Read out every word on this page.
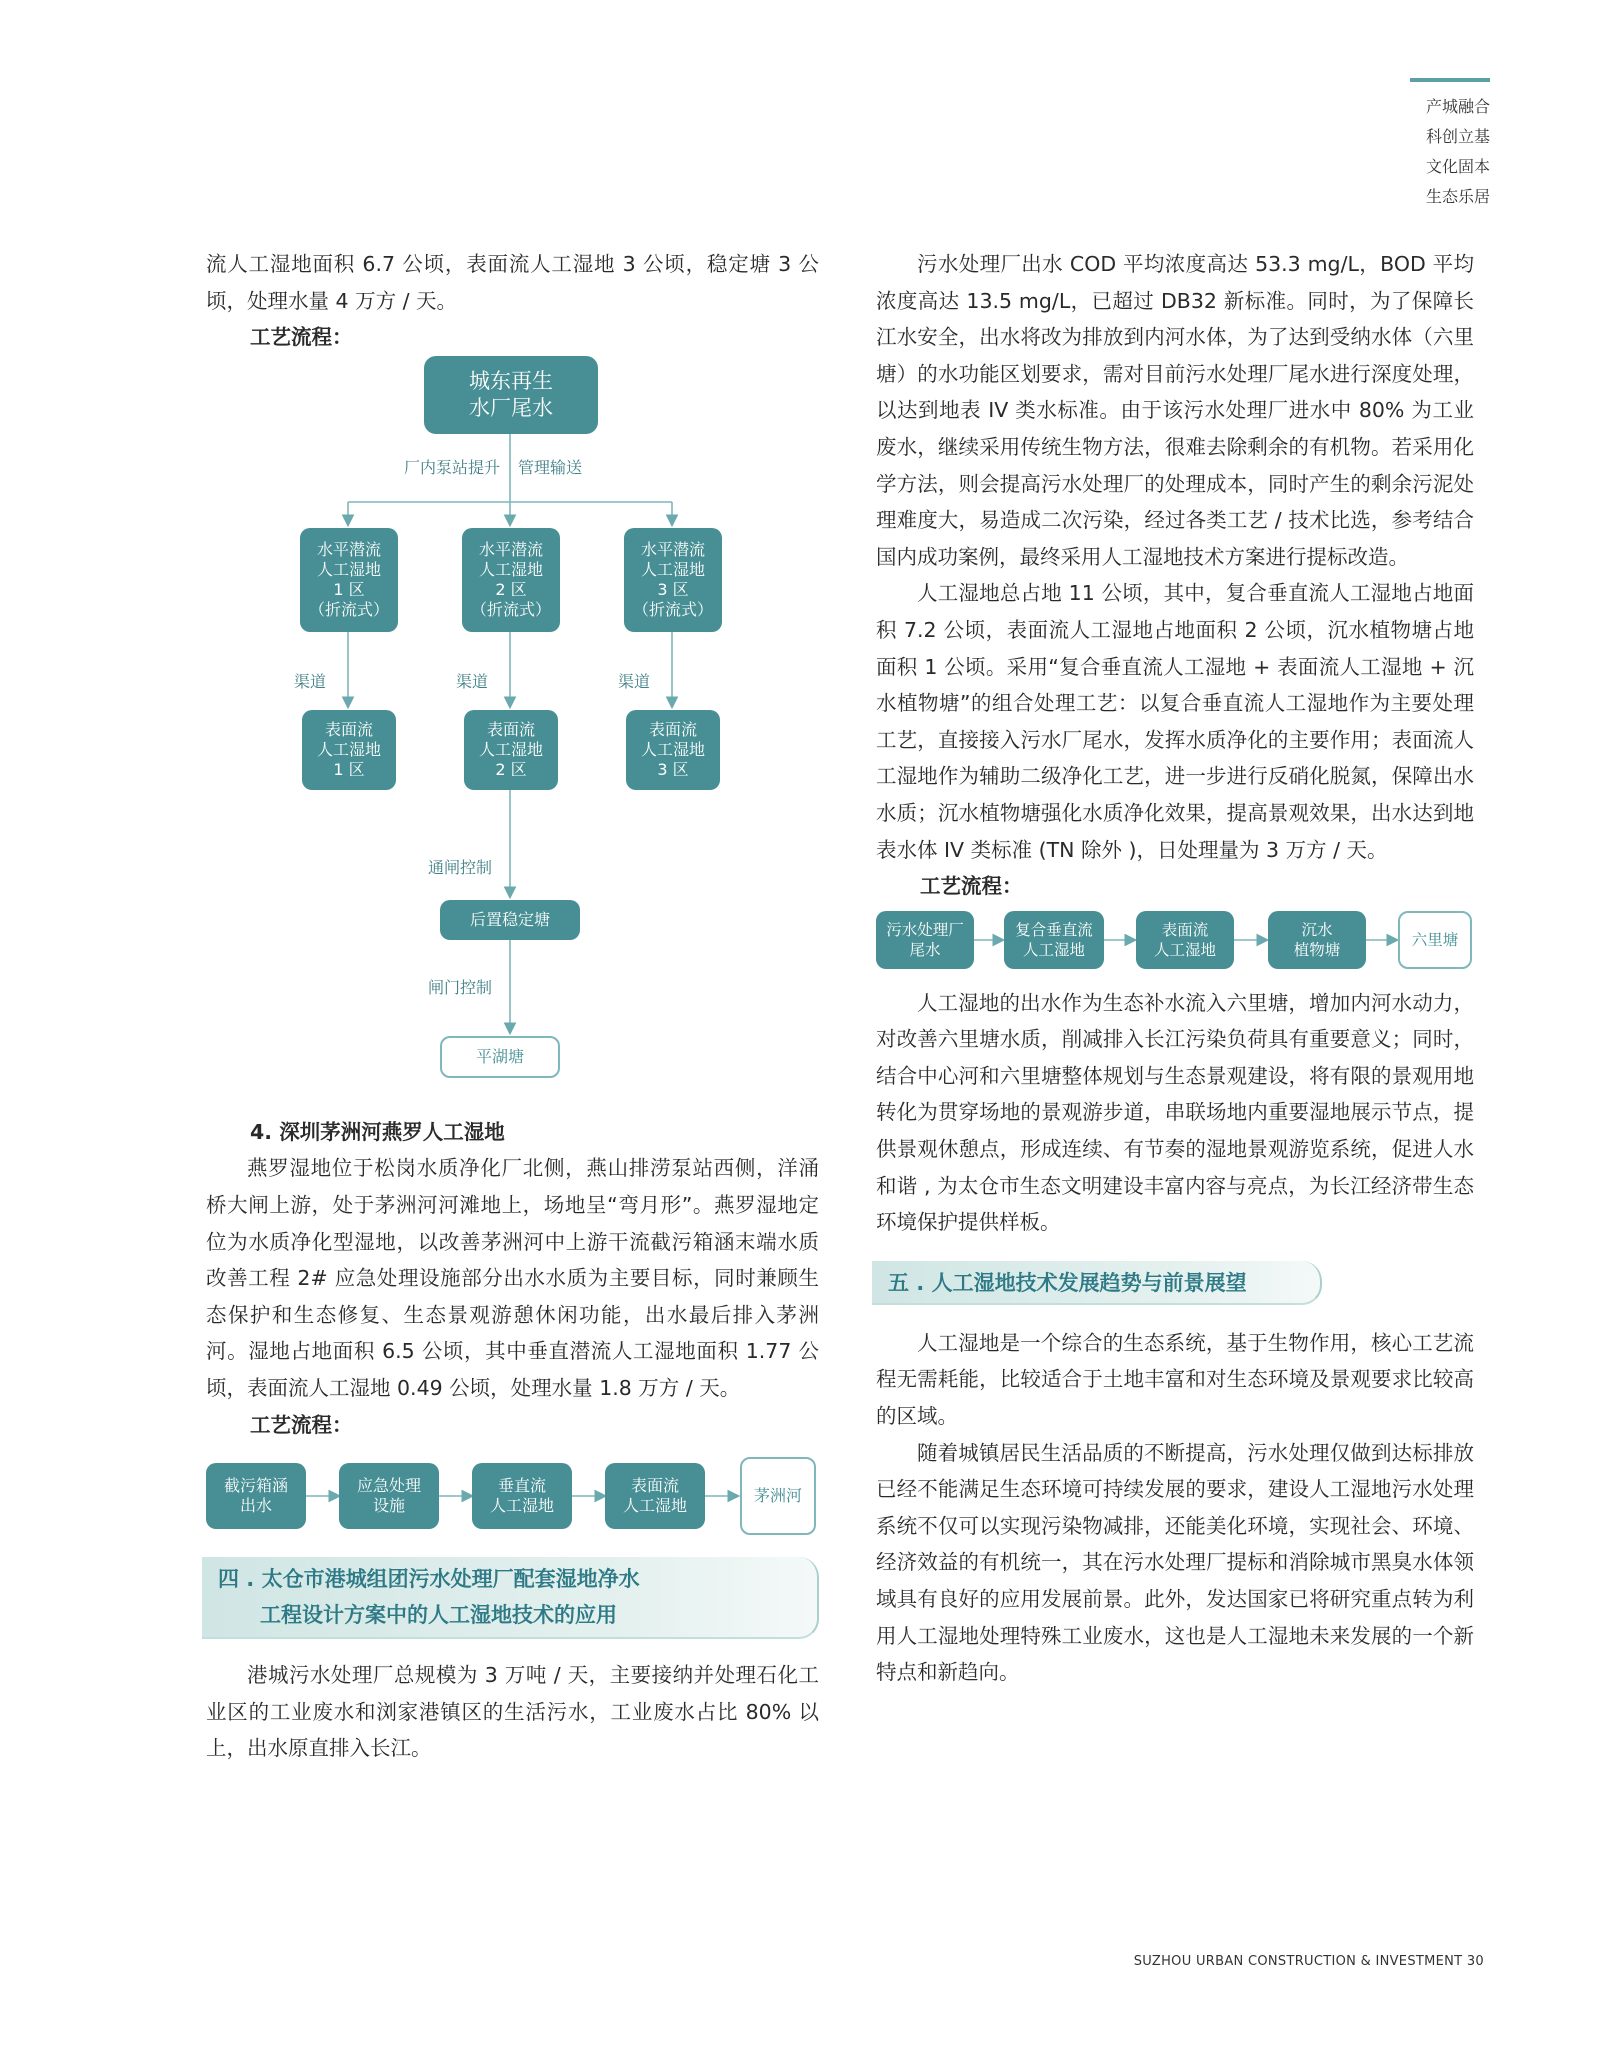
产城融合
科创立基
文化固本
生态乐居

流人工湿地面积 6.7 公顷，表面流人工湿地 3 公顷，稳定塘 3 公顷，处理水量 4 万方 / 天。

工艺流程：
城东再生
水厂尾水
厂内泵站提升 管理输送
水平潜流
人工湿地
1 区
（折流式）
水平潜流
人工湿地
2 区
（折流式）
水平潜流
人工湿地
3 区
（折流式）
渠道	渠道	渠道
表面流
人工湿地
1 区
表面流
人工湿地
2 区
表面流
人工湿地
3 区
通闸控制
后置稳定塘
闸门控制
平湖塘
4. 深圳茅洲河燕罗人工湿地

燕罗湿地位于松岗水质净化厂北侧，燕山排涝泵站西侧，洋涌桥大闸上游，处于茅洲河河滩地上，场地呈“弯月形”。燕罗湿地定位为水质净化型湿地，以改善茅洲河中上游干流截污箱涵末端水质改善工程 2# 应急处理设施部分出水水质为主要目标，同时兼顾生态保护和生态修复、生态景观游憩休闲功能，出水最后排入茅洲河。湿地占地面积 6.5 公顷，其中垂直潜流人工湿地面积 1.77 公顷，表面流人工湿地 0.49 公顷，处理水量 1.8 万方 / 天。

工艺流程：
截污箱涵
出水
应急处理
设施
垂直流
人工湿地
表面流
人工湿地
茅洲河
四 . 太仓市港城组团污水处理厂配套湿地净水
工程设计方案中的人工湿地技术的应用

港城污水处理厂总规模为 3 万吨 / 天，主要接纳并处理石化工业区的工业废水和浏家港镇区的生活污水，工业废水占比 80% 以上，出水原直排入长江。

污水处理厂出水 COD 平均浓度高达 53.3 mg/L，BOD 平均浓度高达 13.5 mg/L，已超过 DB32 新标准。同时，为了保障长江水安全，出水将改为排放到内河水体，为了达到受纳水体（六里塘）的水功能区划要求，需对目前污水处理厂尾水进行深度处理，以达到地表 IV 类水标准。由于该污水处理厂进水中 80% 为工业废水，继续采用传统生物方法，很难去除剩余的有机物。若采用化学方法，则会提高污水处理厂的处理成本，同时产生的剩余污泥处理难度大，易造成二次污染，经过各类工艺 / 技术比选，参考结合国内成功案例，最终采用人工湿地技术方案进行提标改造。

人工湿地总占地 11 公顷，其中，复合垂直流人工湿地占地面积 7.2 公顷，表面流人工湿地占地面积 2 公顷，沉水植物塘占地面积 1 公顷。采用“复合垂直流人工湿地 + 表面流人工湿地 + 沉水植物塘”的组合处理工艺：以复合垂直流人工湿地作为主要处理工艺，直接接入污水厂尾水，发挥水质净化的主要作用；表面流人工湿地作为辅助二级净化工艺，进一步进行反硝化脱氮，保障出水水质；沉水植物塘强化水质净化效果，提高景观效果，出水达到地表水体 IV 类标准 (TN 除外 )，日处理量为 3 万方 / 天。

工艺流程：
污水处理厂
尾水
复合垂直流
人工湿地
表面流
人工湿地
沉水
植物塘
六里塘

人工湿地的出水作为生态补水流入六里塘，增加内河水动力，对改善六里塘水质，削减排入长江污染负荷具有重要意义；同时，结合中心河和六里塘整体规划与生态景观建设，将有限的景观用地转化为贯穿场地的景观游步道，串联场地内重要湿地展示节点，提供景观休憩点，形成连续、有节奏的湿地景观游览系统，促进人水和谐 , 为太仓市生态文明建设丰富内容与亮点，为长江经济带生态环境保护提供样板。

五 . 人工湿地技术发展趋势与前景展望

人工湿地是一个综合的生态系统，基于生物作用，核心工艺流程无需耗能，比较适合于土地丰富和对生态环境及景观要求比较高的区域。

随着城镇居民生活品质的不断提高，污水处理仅做到达标排放已经不能满足生态环境可持续发展的要求，建设人工湿地污水处理系统不仅可以实现污染物减排，还能美化环境，实现社会、环境、经济效益的有机统一，其在污水处理厂提标和消除城市黑臭水体领域具有良好的应用发展前景。此外，发达国家已将研究重点转为利用人工湿地处理特殊工业废水，这也是人工湿地未来发展的一个新特点和新趋向。

SUZHOU URBAN CONSTRUCTION & INVESTMENT 30
